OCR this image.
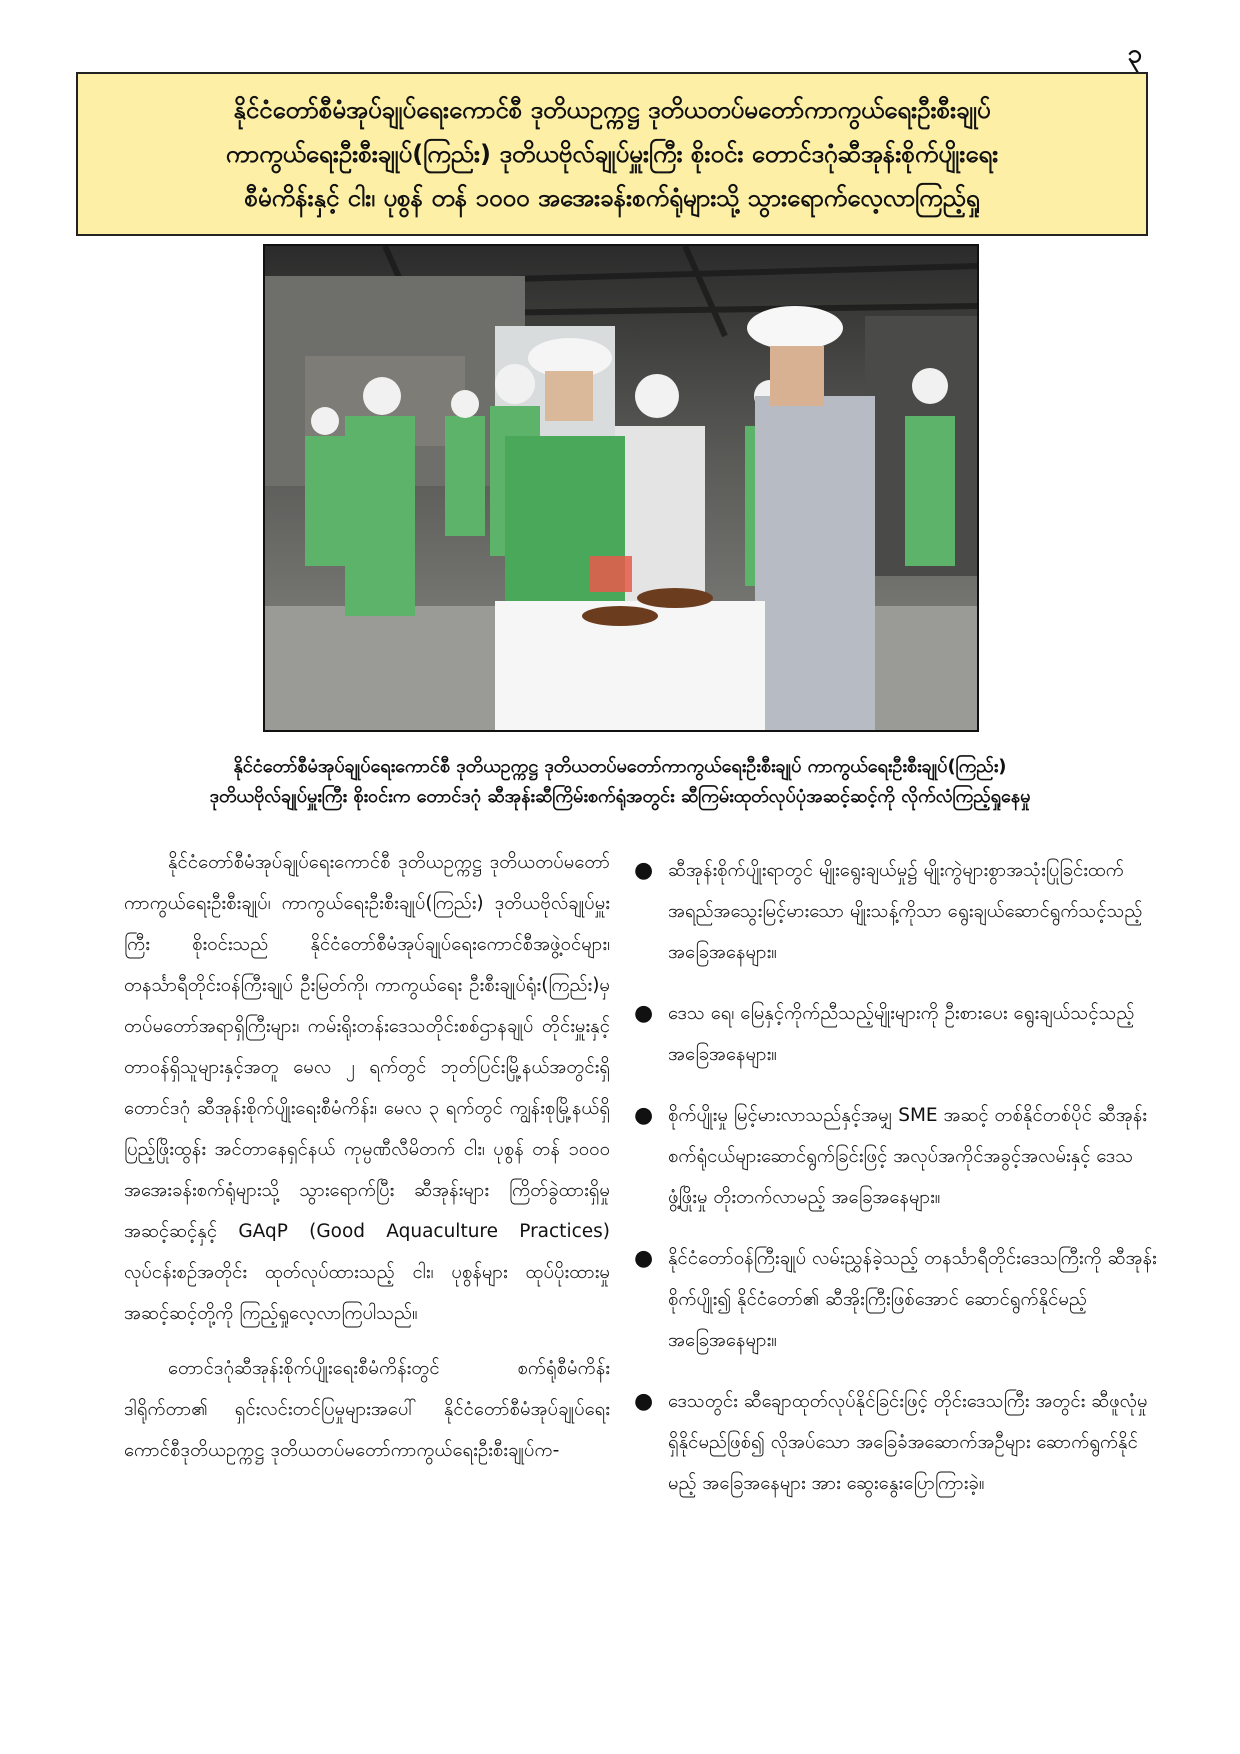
၃
နိုင်ငံတော်စီမံအုပ်ချုပ်ရေးကောင်စီ ဒုတိယဥက္ကဋ္ဌ ဒုတိယတပ်မတော်ကာကွယ်ရေးဦးစီးချုပ်
ကာကွယ်ရေးဦးစီးချုပ်(ကြည်း) ဒုတိယဗိုလ်ချုပ်မှူးကြီး စိုးဝင်း တောင်ဒဂုံဆီအုန်းစိုက်ပျိုးရေး
စီမံကိန်းနှင့် ငါး၊ ပုစွန် တန် ၁၀၀၀ အအေးခန်းစက်ရုံများသို့ သွားရောက်လေ့လာကြည့်ရှု
နိုင်ငံတော်စီမံအုပ်ချုပ်ရေးကောင်စီ ဒုတိယဥက္ကဋ္ဌ ဒုတိယတပ်မတော်ကာကွယ်ရေးဦးစီးချုပ် ကာကွယ်ရေးဦးစီးချုပ်(ကြည်း)
ဒုတိယဗိုလ်ချုပ်မှူးကြီး စိုးဝင်းက တောင်ဒဂုံ ဆီအုန်းဆီကြိမ်းစက်ရုံအတွင်း ဆီကြမ်းထုတ်လုပ်ပုံအဆင့်ဆင့်ကို လိုက်လံကြည့်ရှုနေမှု

နိုင်ငံတော်စီမံအုပ်ချုပ်ရေးကောင်စီ ဒုတိယဥက္ကဋ္ဌ ဒုတိယတပ်မတော်ကာကွယ်ရေးဦးစီးချုပ်၊ ကာကွယ်ရေးဦးစီးချုပ်(ကြည်း) ဒုတိယဗိုလ်ချုပ်မှူးကြီး စိုးဝင်းသည် နိုင်ငံတော်စီမံအုပ်ချုပ်ရေးကောင်စီအဖွဲ့ဝင်များ၊ တနင်္သာရီတိုင်းဝန်ကြီးချုပ် ဦးမြတ်ကို၊ ကာကွယ်ရေး ဦးစီးချုပ်ရုံး(ကြည်း)မှ တပ်မတော်အရာရှိကြီးများ၊ ကမ်းရိုးတန်းဒေသတိုင်းစစ်ဌာနချုပ် တိုင်းမှူးနှင့် တာဝန်ရှိသူများနှင့်အတူ မေလ ၂ ရက်တွင် ဘုတ်ပြင်းမြို့နယ်အတွင်းရှိ တောင်ဒဂုံ ဆီအုန်းစိုက်ပျိုးရေးစီမံကိန်း၊ မေလ ၃ ရက်တွင် ကျွန်းစုမြို့နယ်ရှိ ပြည့်ဖြိုးထွန်း အင်တာနေရှင်နယ် ကုမ္ပဏီလီမိတက် ငါး၊ ပုစွန် တန် ၁၀၀၀ အအေးခန်းစက်ရုံများသို့ သွားရောက်ပြီး ဆီအုန်းများ ကြိတ်ခွဲထားရှိမှု အဆင့်ဆင့်နှင့် GAqP (Good Aquaculture Practices) လုပ်ငန်းစဉ်အတိုင်း ထုတ်လုပ်ထားသည့် ငါး၊ ပုစွန်များ ထုပ်ပိုးထားမှုအဆင့်ဆင့်တို့ကို ကြည့်ရှုလေ့လာကြပါသည်။

တောင်ဒဂုံဆီအုန်းစိုက်ပျိုးရေးစီမံကိန်းတွင် စက်ရုံစီမံကိန်း ဒါရိုက်တာ၏ ရှင်းလင်းတင်ပြမှုများအပေါ် နိုင်ငံတော်စီမံအုပ်ချုပ်ရေးကောင်စီဒုတိယဥက္ကဋ္ဌ ဒုတိယတပ်မတော်ကာကွယ်ရေးဦးစီးချုပ်က-

● ဆီအုန်းစိုက်ပျိုးရာတွင် မျိုးရွေးချယ်မှု၌ မျိုးကွဲများစွာအသုံးပြုခြင်းထက် အရည်အသွေးမြင့်မားသော မျိုးသန့်ကိုသာ ရွေးချယ်ဆောင်ရွက်သင့်သည့် အခြေအနေများ။
● ဒေသ ရေ၊ မြေနှင့်ကိုက်ညီသည့်မျိုးများကို ဦးစားပေး ရွေးချယ်သင့်သည့် အခြေအနေများ။
● စိုက်ပျိုးမှု မြင့်မားလာသည်နှင့်အမျှ SME အဆင့် တစ်နိုင်တစ်ပိုင် ဆီအုန်းစက်ရုံငယ်များဆောင်ရွက်ခြင်းဖြင့် အလုပ်အကိုင်အခွင့်အလမ်းနှင့် ဒေသဖွံ့ဖြိုးမှု တိုးတက်လာမည့် အခြေအနေများ။
● နိုင်ငံတော်ဝန်ကြီးချုပ် လမ်းညွှန်ခဲ့သည့် တနင်္သာရီတိုင်းဒေသကြီးကို ဆီအုန်း စိုက်ပျိုး၍ နိုင်ငံတော်၏ ဆီအိုးကြီးဖြစ်အောင် ဆောင်ရွက်နိုင်မည့်အခြေအနေများ။
● ဒေသတွင်း ဆီချောထုတ်လုပ်နိုင်ခြင်းဖြင့် တိုင်းဒေသကြီး အတွင်း ဆီဖူလုံမှုရှိနိုင်မည်ဖြစ်၍ လိုအပ်သော အခြေခံအဆောက်အဦများ ဆောက်ရွက်နိုင်မည့် အခြေအနေများ အား ဆွေးနွေးပြောကြားခဲ့။
